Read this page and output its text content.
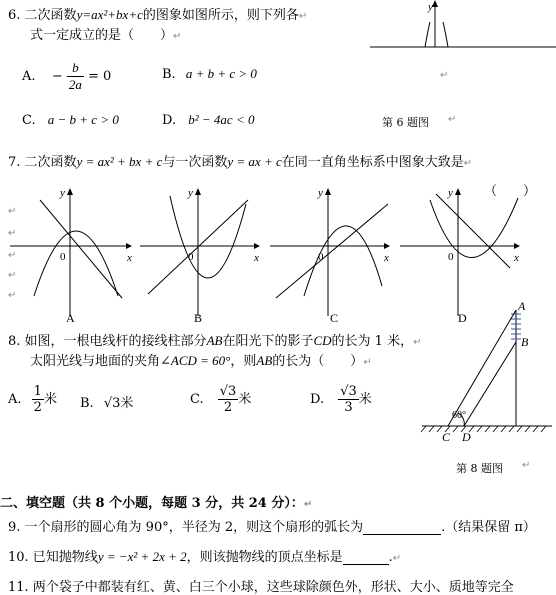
6. 二次函数y=ax²+bx+c的图象如图所示，则下列各↵
式一定成立的是（　　）↵
y
A. − $\frac{b}{2a} = 0$	B. a + b + c > 0	↵
C. a − b + c > 0	D. b² − 4ac < 0	第 6 题图 ↵
7. 二次函数y = ax² + bx + c与一次函数y = ax + c在同一直角坐标系中图象大致是↵
（　　）
↵
↵
↵
↵
↵
y
x
0
A
y
x
0
B
y
x
0
C
y
x
0
D
8. 如图，一根电线杆的接线柱部分AB在阳光下的影子CD的长为 1 米，↵
太阳光线与地面的夹角∠ACD = 60°，则AB的长为（　　）↵
A. $\frac{1}{2}$ 米 B. √3米	C. $\frac{√3}{2}$ 米	D. $\frac{√3}{3}$ 米
60°
A
B
C D
第 8 题图 ↵
二、填空题（共 8 个小题，每题 3 分，共 24 分）：↵
9. 一个扇形的圆心角为 90°，半径为 2，则这个扇形的弧长为	.（结果保留 π）
10. 已知抛物线y = −x² + 2x + 2，则该抛物线的顶点坐标是	.↵
11. 两个袋子中都装有红、黄、白三个小球，这些球除颜色外，形状、大小、质地等完全
